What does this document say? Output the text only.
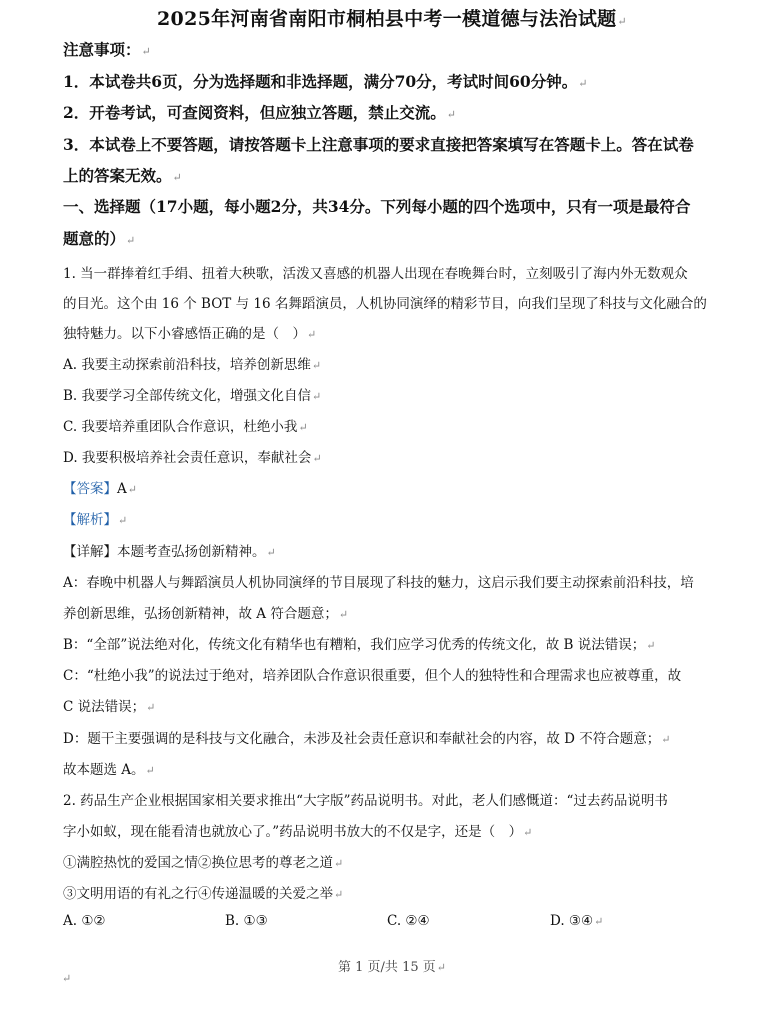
2025年河南省南阳市桐柏县中考一模道德与法治试题↵
注意事项：↵
1．本试卷共6页，分为选择题和非选择题，满分70分，考试时间60分钟。↵
2．开卷考试，可查阅资料，但应独立答题，禁止交流。↵
3．本试卷上不要答题，请按答题卡上注意事项的要求直接把答案填写在答题卡上。答在试卷
上的答案无效。↵
一、选择题（17小题，每小题2分，共34分。下列每小题的四个选项中，只有一项是最符合
题意的）↵
1. 当一群捧着红手绢、扭着大秧歌，活泼又喜感的机器人出现在春晚舞台时，立刻吸引了海内外无数观众
的目光。这个由 16 个 BOT 与 16 名舞蹈演员，人机协同演绎的精彩节目，向我们呈现了科技与文化融合的
独特魅力。以下小睿感悟正确的是（　）↵
A. 我要主动探索前沿科技，培养创新思维↵
B. 我要学习全部传统文化，增强文化自信↵
C. 我要培养重团队合作意识，杜绝小我↵
D. 我要积极培养社会责任意识，奉献社会↵
【答案】A↵
【解析】↵
【详解】本题考查弘扬创新精神。↵
A：春晚中机器人与舞蹈演员人机协同演绎的节目展现了科技的魅力，这启示我们要主动探索前沿科技，培
养创新思维，弘扬创新精神，故 A 符合题意；↵
B：“全部”说法绝对化，传统文化有精华也有糟粕，我们应学习优秀的传统文化，故 B 说法错误；↵
C：“杜绝小我”的说法过于绝对，培养团队合作意识很重要，但个人的独特性和合理需求也应被尊重，故
C 说法错误；↵
D：题干主要强调的是科技与文化融合，未涉及社会责任意识和奉献社会的内容，故 D 不符合题意；↵
故本题选 A。↵
2. 药品生产企业根据国家相关要求推出“大字版”药品说明书。对此，老人们感慨道：“过去药品说明书
字小如蚁，现在能看清也就放心了。”药品说明书放大的不仅是字，还是（　）↵
①满腔热忱的爱国之情②换位思考的尊老之道↵
③文明用语的有礼之行④传递温暖的关爱之举↵
A. ①②	B. ①③	C. ②④	D. ③④↵
第 1 页/共 15 页↵
↵
